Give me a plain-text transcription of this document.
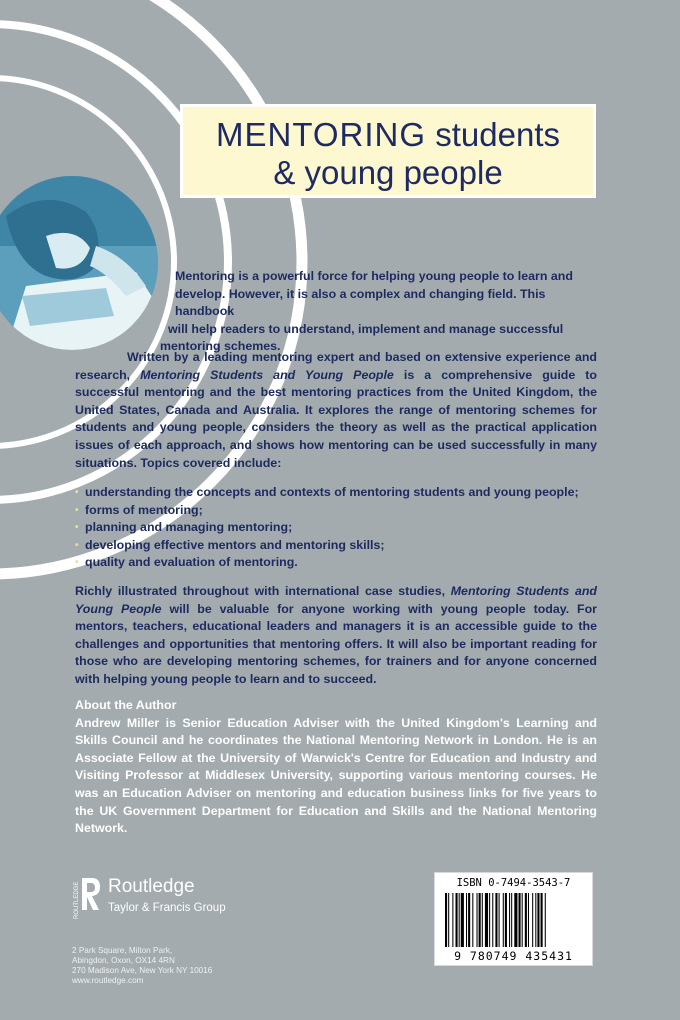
MENTORING students
& young people
Mentoring is a powerful force for helping young people to learn and
develop. However, it is also a complex and changing field. This handbook
will help readers to understand, implement and manage successful
mentoring schemes.
Written by a leading mentoring expert and based on extensive experience and research, Mentoring Students and Young People is a comprehensive guide to successful mentoring and the best mentoring practices from the United Kingdom, the United States, Canada and Australia. It explores the range of mentoring schemes for students and young people, considers the theory as well as the practical application issues of each approach, and shows how mentoring can be used successfully in many situations. Topics covered include:
• understanding the concepts and contexts of mentoring students and young people;
• forms of mentoring;
• planning and managing mentoring;
• developing effective mentors and mentoring skills;
• quality and evaluation of mentoring.
Richly illustrated throughout with international case studies, Mentoring Students and Young People will be valuable for anyone working with young people today. For mentors, teachers, educational leaders and managers it is an accessible guide to the challenges and opportunities that mentoring offers. It will also be important reading for those who are developing mentoring schemes, for trainers and for anyone concerned with helping young people to learn and to succeed.
About the Author
Andrew Miller is Senior Education Adviser with the United Kingdom's Learning and Skills Council and he coordinates the National Mentoring Network in London. He is an Associate Fellow at the University of Warwick's Centre for Education and Industry and Visiting Professor at Middlesex University, supporting various mentoring courses. He was an Education Adviser on mentoring and education business links for five years to the UK Government Department for Education and Skills and the National Mentoring Network.
ROUTLEDGE Routledge
Taylor & Francis Group
2 Park Square, Milton Park,
Abingdon, Oxon, OX14 4RN
270 Madison Ave, New York NY 10016
www.routledge.com
ISBN 0-7494-3543-7
9 780749 435431
